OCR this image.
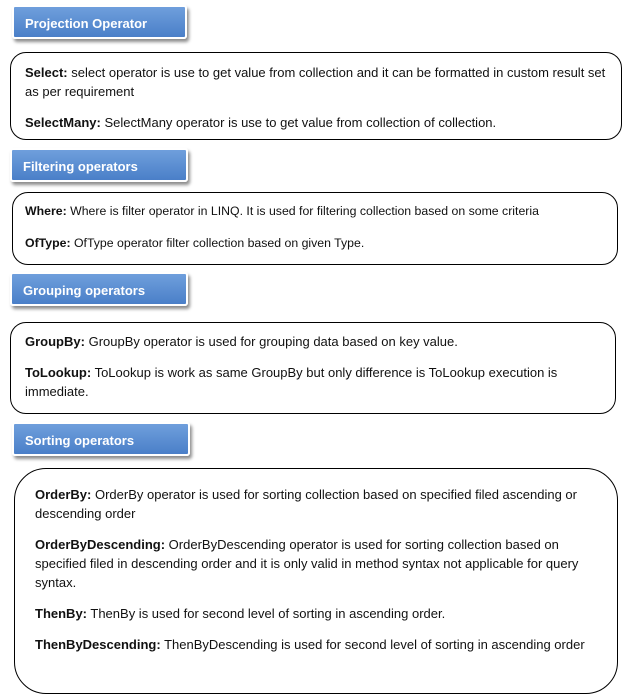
Projection Operator

Select: select operator is use to get value from collection and it can be formatted in custom result set as per requirement

SelectMany: SelectMany operator is use to get value from collection of collection.

Filtering operators

Where: Where is filter operator in LINQ. It is used for filtering collection based on some criteria

OfType: OfType operator filter collection based on given Type.

Grouping operators

GroupBy: GroupBy operator is used for grouping data based on key value.

ToLookup: ToLookup is work as same GroupBy but only difference is ToLookup execution is immediate.

Sorting operators

OrderBy: OrderBy operator is used for sorting collection based on specified filed ascending or descending order

OrderByDescending: OrderByDescending operator is used for sorting collection based on specified filed in descending order and it is only valid in method syntax not applicable for query syntax.

ThenBy: ThenBy is used for second level of sorting in ascending order.

ThenByDescending: ThenByDescending is used for second level of sorting in ascending order
